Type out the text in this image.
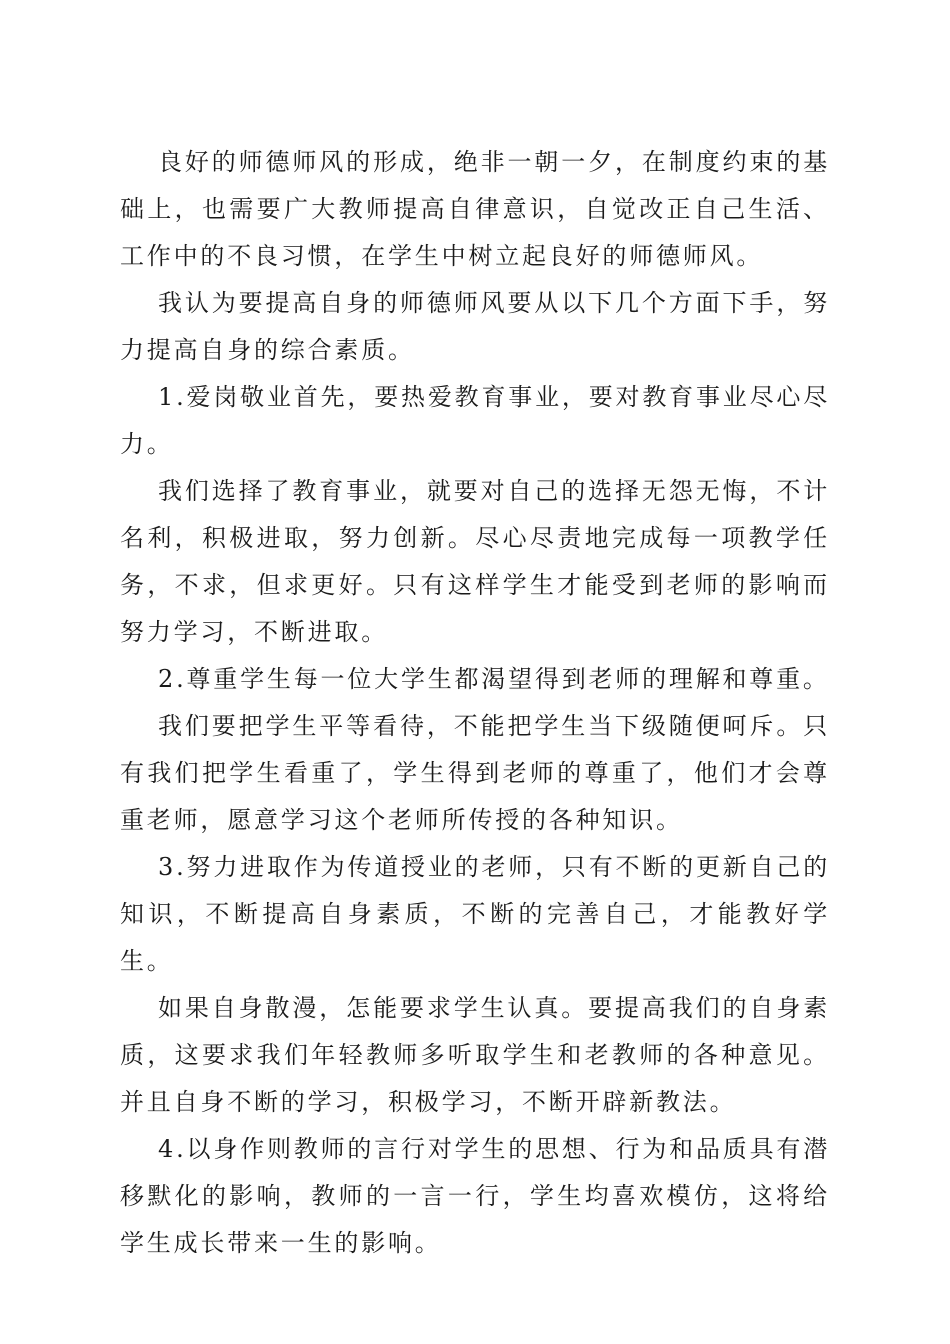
良好的师德师风的形成，绝非一朝一夕，在制度约束的基础上，也需要广大教师提高自律意识，自觉改正自己生活、工作中的不良习惯，在学生中树立起良好的师德师风。

我认为要提高自身的师德师风要从以下几个方面下手，努力提高自身的综合素质。

1.爱岗敬业首先，要热爱教育事业，要对教育事业尽心尽力。

我们选择了教育事业，就要对自己的选择无怨无悔，不计名利，积极进取，努力创新。尽心尽责地完成每一项教学任务，不求，但求更好。只有这样学生才能受到老师的影响而努力学习，不断进取。

2.尊重学生每一位大学生都渴望得到老师的理解和尊重。

我们要把学生平等看待，不能把学生当下级随便呵斥。只有我们把学生看重了，学生得到老师的尊重了，他们才会尊重老师，愿意学习这个老师所传授的各种知识。

3.努力进取作为传道授业的老师，只有不断的更新自己的知识，不断提高自身素质，不断的完善自己，才能教好学生。

如果自身散漫，怎能要求学生认真。要提高我们的自身素质，这要求我们年轻教师多听取学生和老教师的各种意见。并且自身不断的学习，积极学习，不断开辟新教法。

4.以身作则教师的言行对学生的思想、行为和品质具有潜移默化的影响，教师的一言一行，学生均喜欢模仿，这将给学生成长带来一生的影响。
